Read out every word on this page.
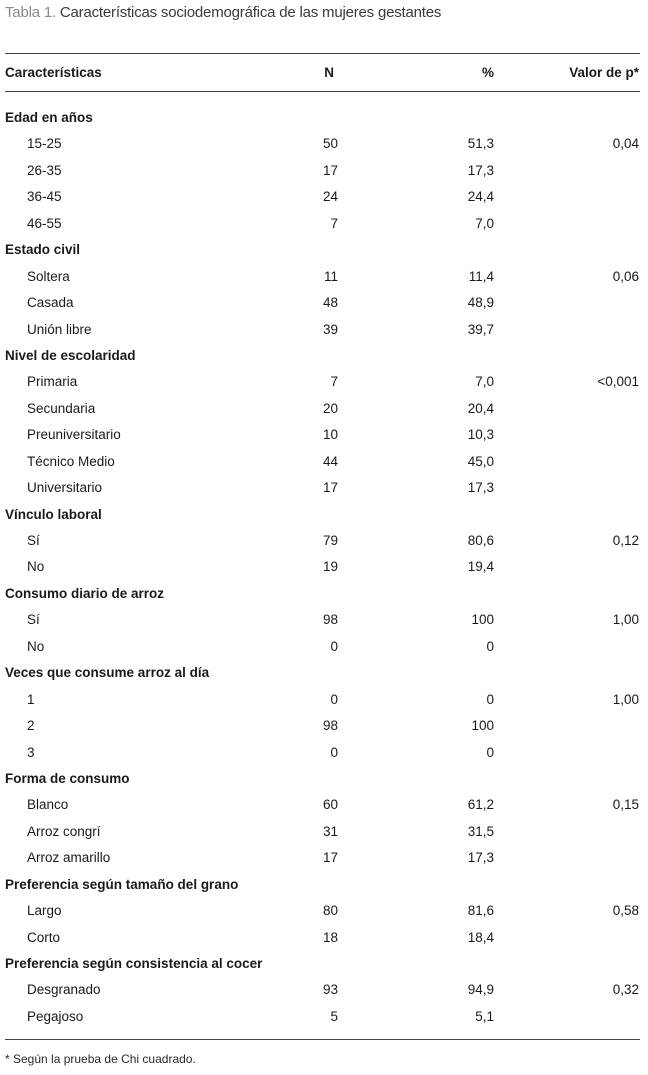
Tabla 1. Características sociodemográfica de las mujeres gestantes
Características	N	%	Valor de p*
Edad en años
15-25	50	51,3	0,04
26-35	17	17,3
36-45	24	24,4
46-55	7	7,0
Estado civil
Soltera	11	11,4	0,06
Casada	48	48,9
Unión libre	39	39,7
Nivel de escolaridad
Primaria	7	7,0	<0,001
Secundaria	20	20,4
Preuniversitario	10	10,3
Técnico Medio	44	45,0
Universitario	17	17,3
Vínculo laboral
Sí	79	80,6	0,12
No	19	19,4
Consumo diario de arroz
Sí	98	100	1,00
No	0	0
Veces que consume arroz al día
1	0	0	1,00
2	98	100
3	0	0
Forma de consumo
Blanco	60	61,2	0,15
Arroz congrí	31	31,5
Arroz amarillo	17	17,3
Preferencia según tamaño del grano
Largo	80	81,6	0,58
Corto	18	18,4
Preferencia según consistencia al cocer
Desgranado	93	94,9	0,32
Pegajoso	5	5,1
* Según la prueba de Chi cuadrado.
